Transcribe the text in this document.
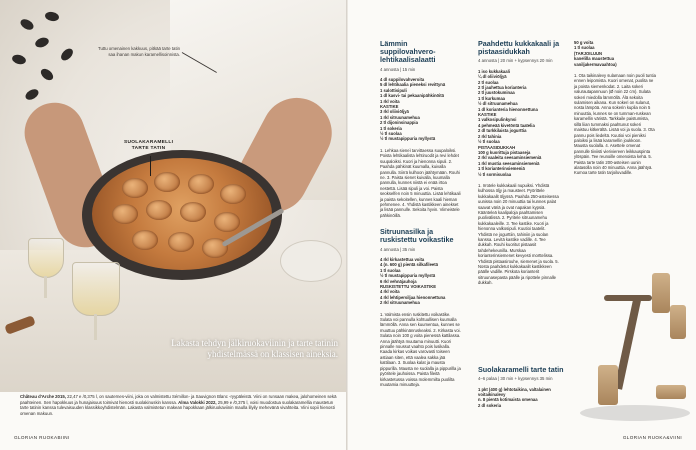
Tuttu omenainen kakkuus, pitkää tarte tatin saa ihanan makun karamellisoinnista.
SUOLAKARAMELLI
TARTE TATIN
Lakasta tehdyn jälkiruokaviinin ja tarte tatinin yhdistelmässä on klassisen aineksia.
Château d'Arche 2015, 22,47 e /0,375 l, on sauternes-viini, joka on valmistettu Sémillon- ja Sauvignon Blanc -ryypäleistä. Viini on runsaan makea, jalohomeinen sekä paahteinen. Sen hapokkuus ja hunajaisuus toimivat hienosti suolakinuskin kanssa. Alma Valokki 2022, 25,99 e /0,375 l, voisi muodostua suolakaramellia maustetun tarte tatinin kanssa tulevaisuuden klassikkoyhdistelmän. Lakasta valmistetun makean hapokkaan jälkiruokaviinin maulla lilyily mehevänä vivahteita. Viini sopii hienosti omenan makuun.
GLORIAN RUOKABIINI
Lämmin suppilovahvero-lehtikaalisalaatti
4 annosta | 15 min
4 dl suppilovahveroita
5 dl lehtikaalia pieneksi revittynä
1 salottisipuli
1 dl kasvi- tai pekaanipähkinöitä
1 rkl voita
KASTIKE
3 rkl oliiviöljyä
1 rkl sitruunamehua
2 tl dijoninsinappia
1 tl sokeria
½ tl suolaa
½ tl mustapippuria myllystä
1. Lehkaa sieneì tarvittaessa suupaloiksi. Poista lehtikaalista lehtiruodit ja revi lehdet suupaloiksi. Kuori ja hienonna sipuli. 2. Paahda pähkinät kuumalla, kuivalla pannulla. Siirrä kulhoon jäähtymään. Rouhi ne. 3. Paista sienet kuivalla, kuumalla pannulla, kunnes niistä ei enää irtoa nestettä. Lisää sipuli ja voi. Paista seokselfen noin 5 minuuttia. Lisää lehtikaali ja paista sekoitellen, kunnes kaali hieman pehmenee. 4. Yhdistä kastikkeen ainekset ja lisää pannulle. Sekoita hyvin. Viimeistele pähkinöillä.
Sitruunasilka ja ruskistettu voikastike
4 annosta | 35 min
4 rkl kirkastettua voita
4 (n. 600 g) pientä silkafileetä
1 tl suolaa
½ tl mustapippuria myllystä
6 rkl vehnäjauhoja
RUSKISTETTU VOIKASTIKE
4 rkl voita
4 rkl lehtipersiljaa hienonnettuna
2 rkl sitruunamehua
1. Valmista ensin ruskitettu voikastike. Sulata voi pannulla kohtuullisen kuumalla lämmöllä. Anna sen kuumentua, kunnes se muuttuu pähkinänruskeaksi. 2. Kirkasta voi. Sulata noin 100 g voita pienessä kattilassa. Anna jäähtyä muutama minuutti. Kuori pinnalle noussut vaahto pois lusikalla. Kaada kirkas voikas varovasti toiseen astiaan siten, että vaalea sakka jää kattilaan. 3. Suolaa kalat ja mausta pippurilla. Mausta ne suolalla ja pippurilla ja pyöritele jauhoissa. Paista fileitä kirkastetussa voissa molemmilta puolilta muutamia minuutteja.
Paahdettu kukkakaali ja pistaasidukkah
4 annosta | 20 min + kypsennys 20 min
1 iso kukkakaali
¼ dl oliiviöljyä
2 tl suolaa
2 tl jauhettua korianteria
2 tl juustokuminaa
1 tl kurkumaa
½ dl sitruunamehua
1 dl korianteria hienonnettuna
KASTIKE
1 valkosipulinkynsi
4 pehmeää kivetöntä taatelia
2 dl turkkilaista jogurttia
2 rkl tahinia
½ tl suolaa
PISTAASIDUKKAH
100 g kuorittuja pistaaseja
2 rkl vaaleita seesaminsiemeniä
1 rkl mustia seesaminsiemeniä
1 tl korianterinsiemeniä
½ tl sormisuolaa
1. Irrotele kukkakaali nupuiksi. Yhdistä kulhossa öljy ja mausteet. Pyörittele kukkakaalit öljyssä. Paahda 250-asteisessa uunissa noin 20 minuuttia tai kunnes palat saavat väriä ja ovat napakan kypsiä. Käänteleä kaalipaloja paahtamisen puolivälissä. 2. Pyritele sitruunamehu kukkakaaleille. 3. Tee kastike. Kuori ja hienonna valkosipuli. Kuutioi taatelit. Yhdistä ne jogurttiin, tahiniin ja suolan kanssa. Levitä kastike vadille. 4. Tee dukkah. Rouhi kuoritut pistaasit tahdehekeunilla. Murskaa korianterinsiemenet kevyesti morttelissa. Yhdistä pistaasirouhe, siemenet ja suola. 5. Nosta paahdetut kukkakaalit kastikkeen päälle vadille. Pirskota korianterit sitruunasepasta päälle ja ripottele pinnalle dukkah.
50 g voita
1 tl suolaa
(TARJOILUUN
kanelilla maustettua vaniljakermavaahtoa)
1. Ota taikinalevy sulamaan noin puoli tuntia ennen leipomista. Kuori omenat, puolita ne ja poista siemenkodat. 2. Laita sokeri valurautapannuun (Ø noin 22 cm). Sulata sokeri miedolla lämmöllä. Älä sekoita sulamisen aikana. Kun sokeri on sulanut, nosta lämpöä. Anna sokerin kuplia noin 5 minuuttia, kunnes se on tumman-ruskean karamellin väristä. Tarkkaile paistumista, sillä liian tummaksi paahtunut sokeri maistuu kitkerältä. Lisää voi ja suola. 3. Ota pannu pois liedeltä. Kuutioi voi pieniksi paloiksi ja lisää karamellin joukkoon. Mausta suolalla. 4. Asettele omenat pannulle tiiviisti vieriviereen leikkauspinta ylöspäin. Tee reunoille omenoista kehä. 5. Paista tarte tatin 200-asteisen uunin alatasolla noin 40 minuuttia. Anna jäähtyä. Kumoa tarte tatin tarjoiluvadille.
Suolakaramelli tarte tatin
4–6 palaa | 30 min + kypsennys 35 min
1 pkt (400 g) lehtotaikina, valtalainen voitaikinalevy
n. 8 pientä kotimaista omenaa
2 dl sokeria
GLORIAN RUOKA&VIINI
